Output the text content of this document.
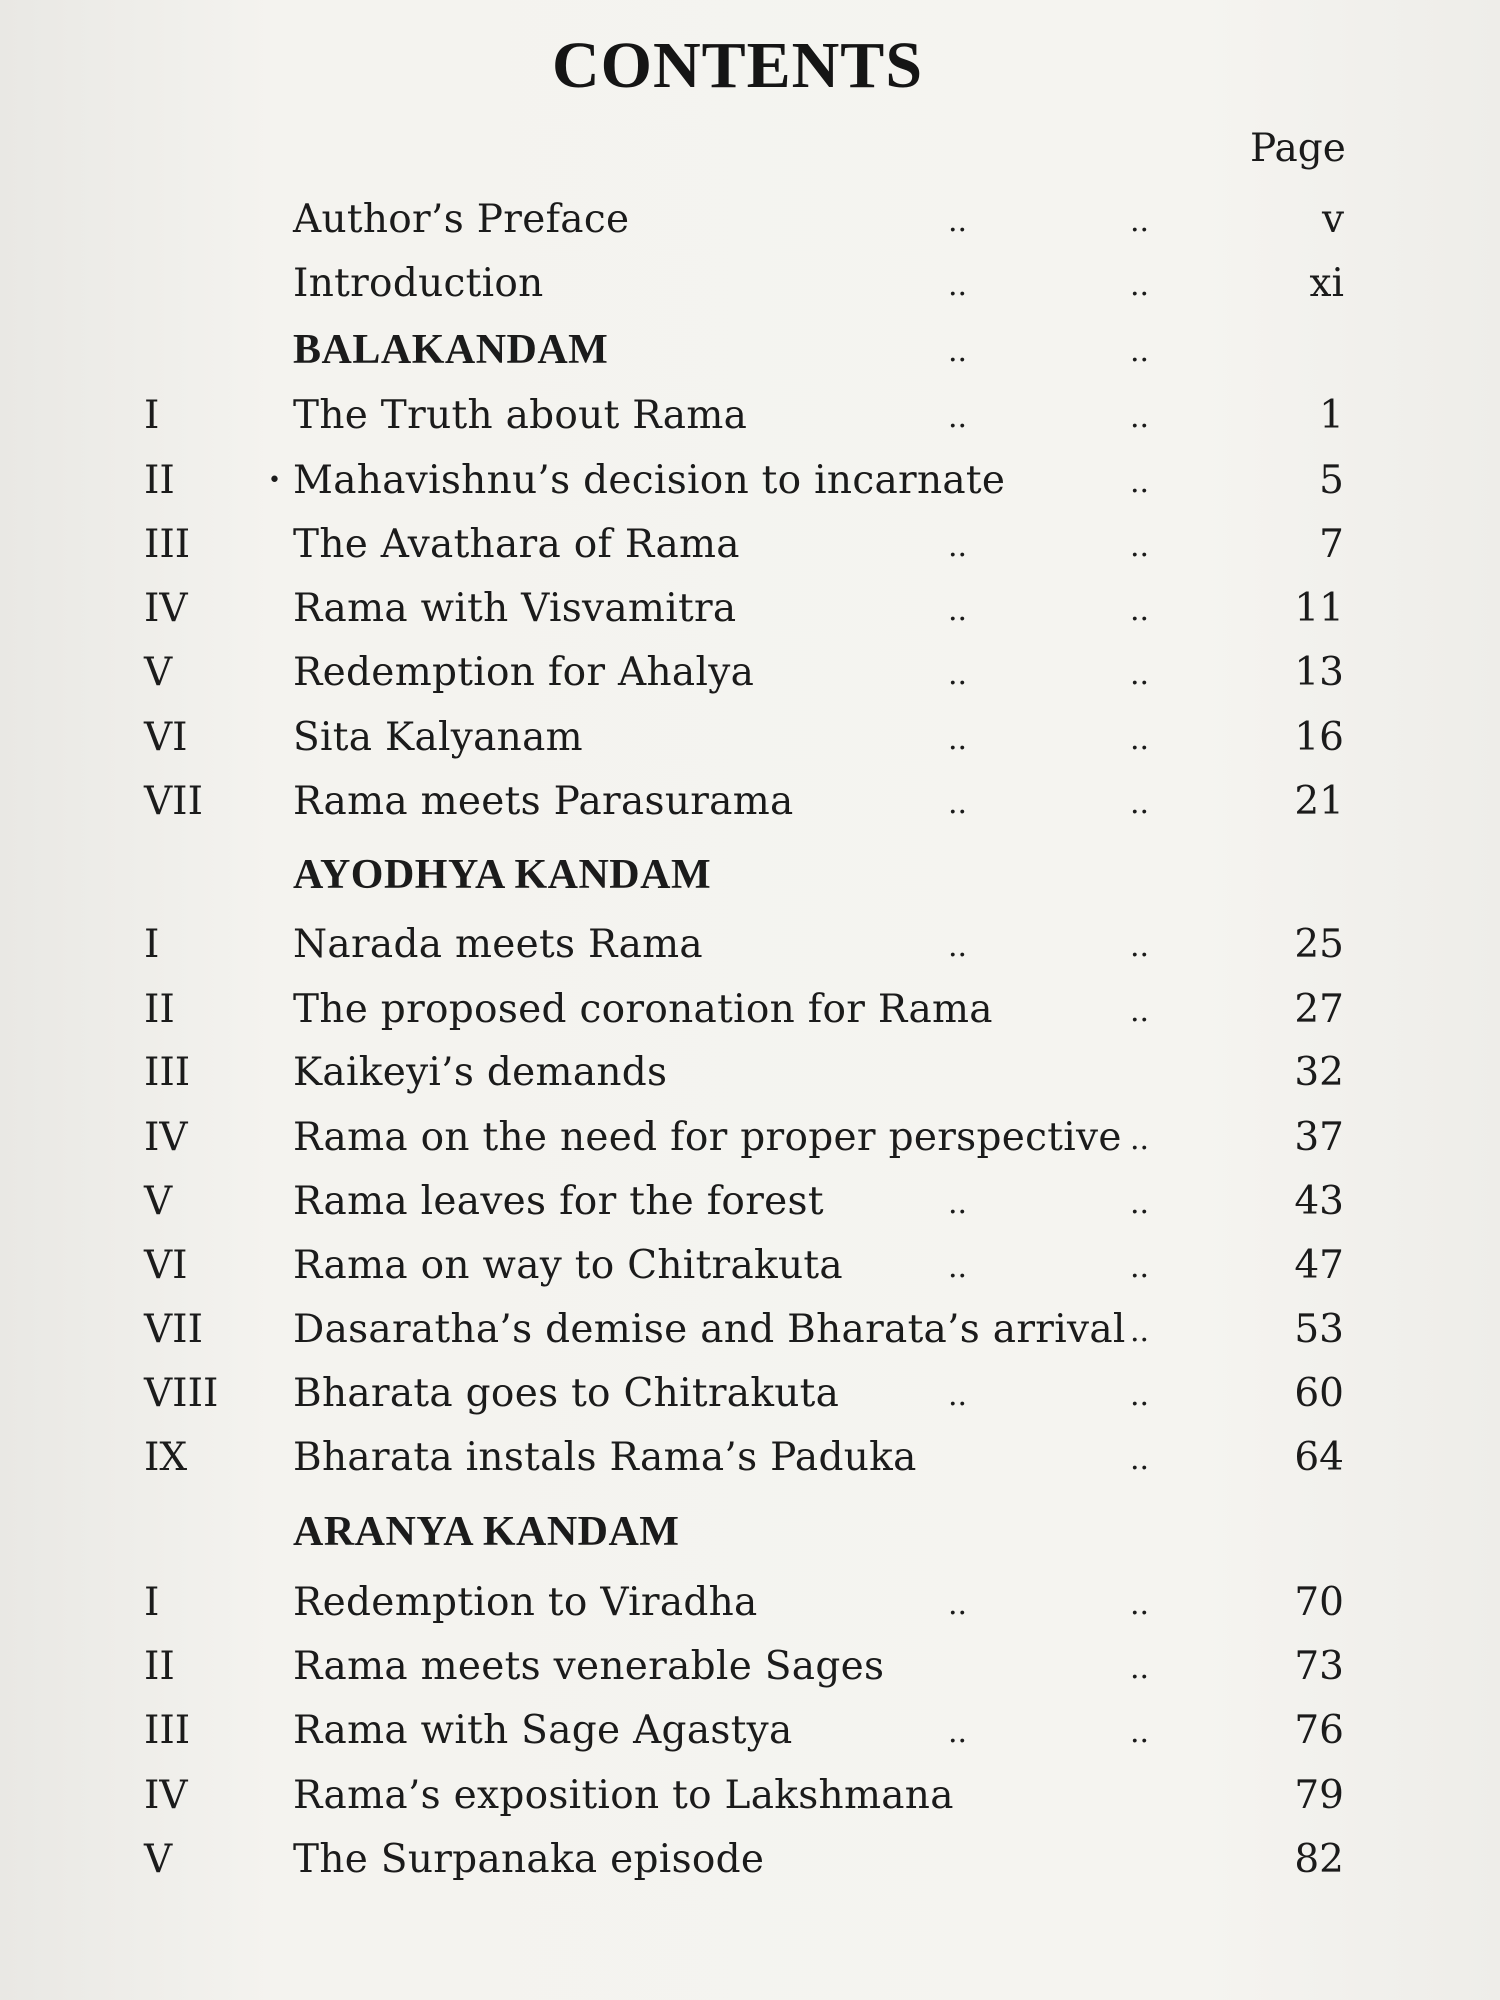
CONTENTS
Page
Author’s Preface	..	..	v
Introduction	..	..	xi
BALAKANDAM	..	..
I	The Truth about Rama	..	..	1
II	• Mahavishnu’s decision to incarnate	..	5
III	The Avathara of Rama	..	..	7
IV	Rama with Visvamitra	..	..	11
V	Redemption for Ahalya	..	..	13
VI	Sita Kalyanam	..	..	16
VII Rama meets Parasurama	..	..	21
AYODHYA KANDAM
I	Narada meets Rama	..	..	25
II	The proposed coronation for Rama	..	27
III	Kaikeyi’s demands	32
IV	Rama on the need for proper perspective ..	37
V	Rama leaves for the forest	..	..	43
VI	Rama on way to Chitrakuta	..	..	47
VII Dasaratha’s demise and Bharata’s arrival ..	53
VIII Bharata goes to Chitrakuta	..	..	60
IX	Bharata instals Rama’s Paduka	..	64
ARANYA KANDAM
I	Redemption to Viradha	..	..	70
II	Rama meets venerable Sages	..	73
III	Rama with Sage Agastya	..	..	76
IV	Rama’s exposition to Lakshmana	79
V	The Surpanaka episode	82
